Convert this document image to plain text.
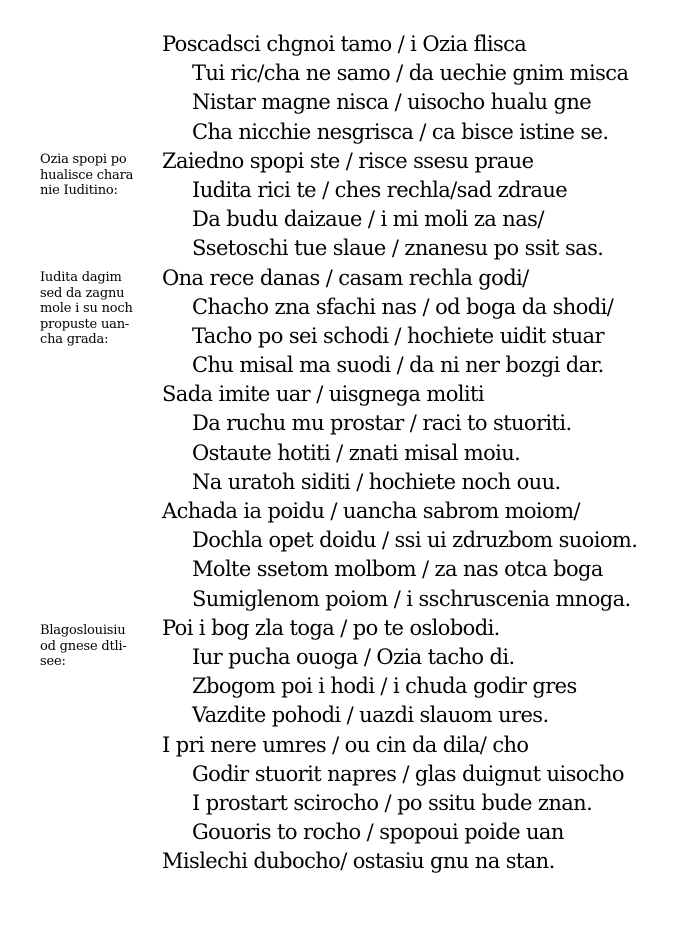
Poscadsci chgnoi tamo / i Ozia flisca
Tui ric/cha ne samo / da uechie gnim misca
Nistar magne nisca / uisocho hualu gne
Cha nicchie nesgrisca / ca bisce istine se.
Zaiedno spopi ste / risce ssesu praue
Iudita rici te / ches rechla/sad zdraue
Da budu daizaue / i mi moli za nas/
Ssetoschi tue slaue / znanesu po ssit sas.
Ona rece danas / casam rechla godi/
Chacho zna sfachi nas / od boga da shodi/
Tacho po sei schodi / hochiete uidit stuar
Chu misal ma suodi / da ni ner bozgi dar.
Sada imite uar / uisgnega moliti
Da ruchu mu prostar / raci to stuoriti.
Ostaute hotiti / znati misal moiu.
Na uratoh siditi / hochiete noch ouu.
Achada ia poidu / uancha sabrom moiom/
Dochla opet doidu / ssi ui zdruzbom suoiom.
Molte ssetom molbom / za nas otca boga
Sumiglenom poiom / i sschruscenia mnoga.
Poi i bog zla toga / po te oslobodi.
Iur pucha ouoga / Ozia tacho di.
Zbogom poi i hodi / i chuda godir gres
Vazdite pohodi / uazdi slauom ures.
I pri nere umres / ou cin da dila/ cho
Godir stuorit napres / glas duignut uisocho
I prostart scirocho / po ssitu bude znan.
Gouoris to rocho / spopoui poide uan
Mislechi dubocho/ ostasiu gnu na stan.
Ozia spopi po
hualisce chara
nie Iuditino:
Iudita dagim
sed da zagnu
mole i su noch
propuste uan-
cha grada:
Blagoslouisiu
od gnese dtli-
see:
